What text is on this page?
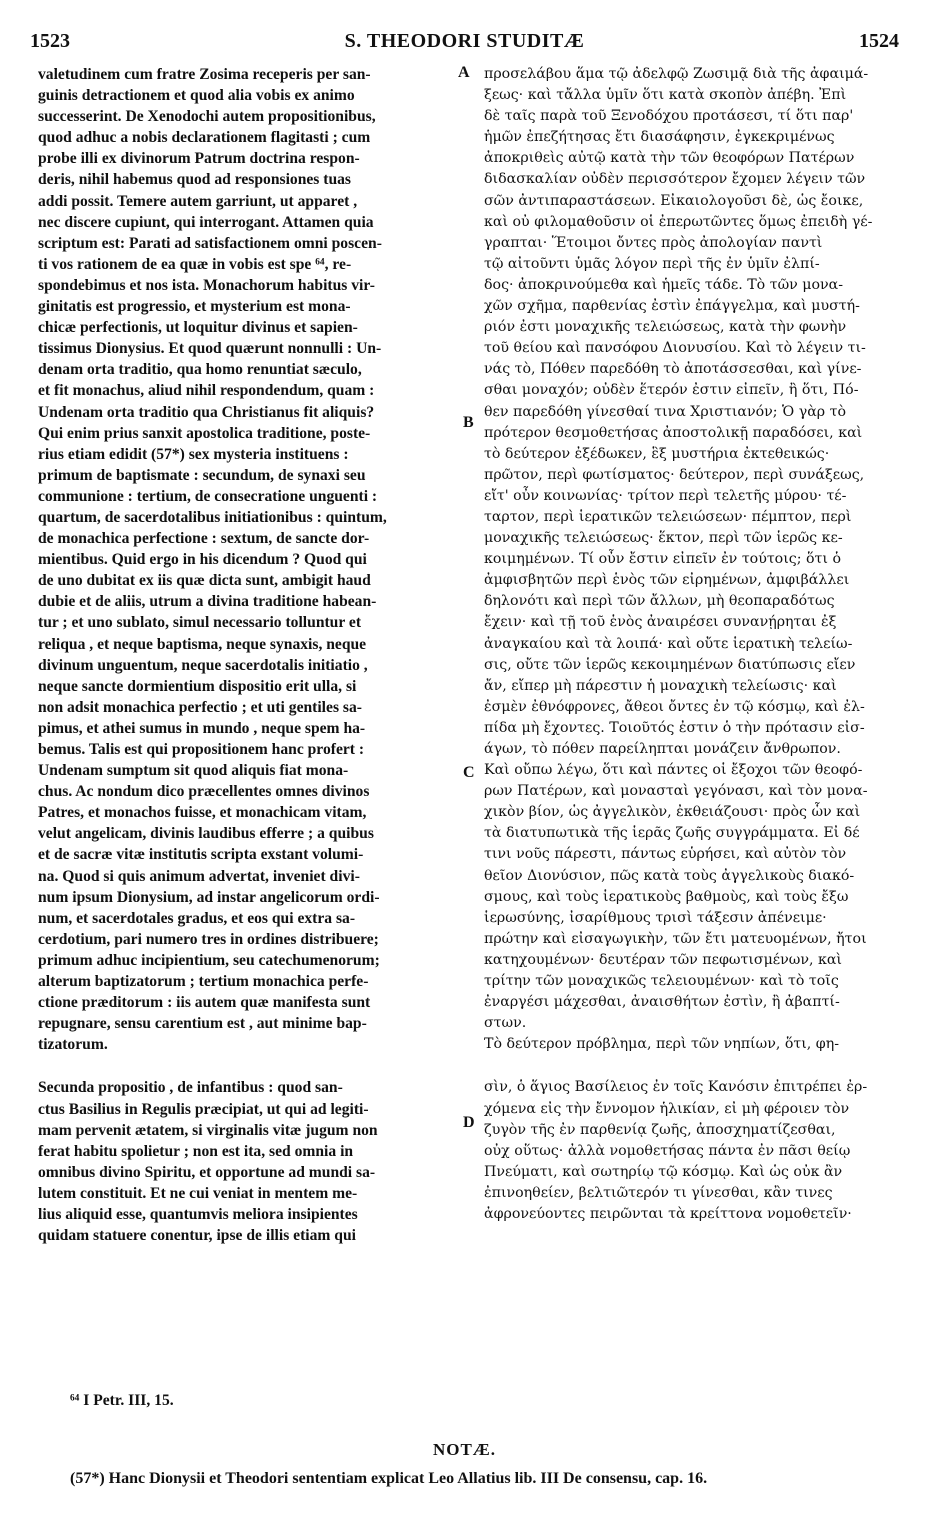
1523	S. THEODORI STUDITÆ	1524
valetudinem cum fratre Zosima receperis per san-
guinis detractionem et quod alia vobis ex animo
successerint. De Xenodochi autem propositionibus,
quod adhuc a nobis declarationem flagitasti ; cum
probe illi ex divinorum Patrum doctrina respon-
deris, nihil habemus quod ad responsiones tuas
addi possit. Temere autem garriunt, ut apparet ,
nec discere cupiunt, qui interrogant. Attamen quia
scriptum est: Parati ad satisfactionem omni poscen-
ti vos rationem de ea quæ in vobis est spe ⁶⁴, re-
spondebimus et nos ista. Monachorum habitus vir-
ginitatis est progressio, et mysterium est mona-
chicæ perfectionis, ut loquitur divinus et sapien-
tissimus Dionysius. Et quod quærunt nonnulli : Un-
denam orta traditio, qua homo renuntiat sæculo,
et fit monachus, aliud nihil respondendum, quam :
Undenam orta traditio qua Christianus fit aliquis?
Qui enim prius sanxit apostolica traditione, poste-
rius etiam edidit (57*) sex mysteria instituens :
primum de baptismate : secundum, de synaxi seu
communione : tertium, de consecratione unguenti :
quartum, de sacerdotalibus initiationibus : quintum,
de monachica perfectione : sextum, de sancte dor-
mientibus. Quid ergo in his dicendum ? Quod qui
de uno dubitat ex iis quæ dicta sunt, ambigit haud
dubie et de aliis, utrum a divina traditione habean-
tur ; et uno sublato, simul necessario tolluntur et
reliqua , et neque baptisma, neque synaxis, neque
divinum unguentum, neque sacerdotalis initiatio ,
neque sancte dormientium dispositio erit ulla, si
non adsit monachica perfectio ; et uti gentiles sa-
pimus, et athei sumus in mundo , neque spem ha-
bemus. Talis est qui propositionem hanc profert :
Undenam sumptum sit quod aliquis fiat mona-
chus. Ac nondum dico præcellentes omnes divinos
Patres, et monachos fuisse, et monachicam vitam,
velut angelicam, divinis laudibus efferre ; a quibus
et de sacræ vitæ institutis scripta exstant volumi-
na. Quod si quis animum advertat, inveniet divi-
num ipsum Dionysium, ad instar angelicorum ordi-
num, et sacerdotales gradus, et eos qui extra sa-
cerdotium, pari numero tres in ordines distribuere;
primum adhuc incipientium, seu catechumenorum;
alterum baptizatorum ; tertium monachica perfe-
ctione præditorum : iis autem quæ manifesta sunt
repugnare, sensu carentium est , aut minime bap-
tizatorum.
Secunda propositio , de infantibus : quod san-
ctus Basilius in Regulis præcipiat, ut qui ad legiti-
mam pervenit ætatem, si virginalis vitæ jugum non
ferat habitu spolietur ; non est ita, sed omnia in
omnibus divino Spiritu, et opportune ad mundi sa-
lutem constituit. Et ne cui veniat in mentem me-
lius aliquid esse, quantumvis meliora insipientes
quidam statuere conentur, ipse de illis etiam qui
προσελάβου ἅμα τῷ ἀδελφῷ Ζωσιμᾷ διὰ τῆς ἀφαιμά-
ξεως· καὶ τἄλλα ὑμῖν ὅτι κατὰ σκοπὸν ἀπέβη. Ἐπὶ
δὲ ταῖς παρὰ τοῦ Ξενοδόχου προτάσεσι, τί ὅτι παρ'
ἡμῶν ἐπεζήτησας ἔτι διασάφησιν, ἐγκεκριμένως
ἀποκριθεὶς αὐτῷ κατὰ τὴν τῶν θεοφόρων Πατέρων
διδασκαλίαν οὐδὲν περισσότερον ἔχομεν λέγειν τῶν
σῶν ἀντιπαραστάσεων. Εἰκαιολογοῦσι δὲ, ὡς ἔοικε,
καὶ οὐ φιλομαθοῦσιν οἱ ἐπερωτῶντες ὅμως ἐπειδὴ γέ-
γραπται· Ἕτοιμοι ὄντες πρὸς ἀπολογίαν παντὶ
τῷ αἰτοῦντι ὑμᾶς λόγον περὶ τῆς ἐν ὑμῖν ἐλπί-
δος· ἀποκρινούμεθα καὶ ἡμεῖς τάδε. Τὸ τῶν μονα-
χῶν σχῆμα, παρθενίας ἐστὶν ἐπάγγελμα, καὶ μυστή-
ριόν ἐστι μοναχικῆς τελειώσεως, κατὰ τὴν φωνὴν
τοῦ θείου καὶ πανσόφου Διονυσίου. Καὶ τὸ λέγειν τι-
νάς τὸ, Πόθεν παρεδόθη τὸ ἀποτάσσεσθαι, καὶ γίνε-
σθαι μοναχόν; οὐδὲν ἕτερόν ἐστιν εἰπεῖν, ἢ ὅτι, Πό-
θεν παρεδόθη γίνεσθαί τινα Χριστιανόν; Ὁ γὰρ τὸ
πρότερον θεσμοθετήσας ἀποστολικῇ παραδόσει, καὶ
τὸ δεύτερον ἐξέδωκεν, ἓξ μυστήρια ἐκτεθεικώς·
πρῶτον, περὶ φωτίσματος· δεύτερον, περὶ συνάξεως,
εἴτ' οὖν κοινωνίας· τρίτον περὶ τελετῆς μύρου· τέ-
ταρτον, περὶ ἱερατικῶν τελειώσεων· πέμπτον, περὶ
μοναχικῆς τελειώσεως· ἕκτον, περὶ τῶν ἱερῶς κε-
κοιμημένων. Τί οὖν ἔστιν εἰπεῖν ἐν τούτοις; ὅτι ὁ
ἀμφισβητῶν περὶ ἑνὸς τῶν εἰρημένων, ἀμφιβάλλει
δηλονότι καὶ περὶ τῶν ἄλλων, μὴ θεοπαραδότως
ἔχειν· καὶ τῇ τοῦ ἑνὸς ἀναιρέσει συνανῄρηται ἐξ
ἀναγκαίου καὶ τὰ λοιπά· καὶ οὔτε ἱερατικὴ τελείω-
σις, οὔτε τῶν ἱερῶς κεκοιμημένων διατύπωσις εἴεν
ἄν, εἴπερ μὴ πάρεστιν ἡ μοναχικὴ τελείωσις· καὶ
ἐσμὲν ἐθνόφρονες, ἄθεοι ὄντες ἐν τῷ κόσμῳ, καὶ ἐλ-
πίδα μὴ ἔχοντες. Τοιοῦτός ἐστιν ὁ τὴν πρότασιν εἰσ-
άγων, τὸ πόθεν παρείληπται μονάζειν ἄνθρωπον.
Καὶ οὔπω λέγω, ὅτι καὶ πάντες οἱ ἔξοχοι τῶν θεοφό-
ρων Πατέρων, καὶ μονασταὶ γεγόνασι, καὶ τὸν μονα-
χικὸν βίον, ὡς ἀγγελικὸν, ἐκθειάζουσι· πρὸς ὧν καὶ
τὰ διατυπωτικὰ τῆς ἱερᾶς ζωῆς συγγράμματα. Εἰ δέ
τινι νοῦς πάρεστι, πάντως εὑρήσει, καὶ αὐτὸν τὸν
θεῖον Διονύσιον, πῶς κατὰ τοὺς ἀγγελικοὺς διακό-
σμους, καὶ τοὺς ἱερατικοὺς βαθμοὺς, καὶ τοὺς ἔξω
ἱερωσύνης, ἰσαρίθμους τρισὶ τάξεσιν ἀπένειμε·
πρώτην καὶ εἰσαγωγικὴν, τῶν ἔτι ματευομένων, ἤτοι
κατηχουμένων· δευτέραν τῶν πεφωτισμένων, καὶ
τρίτην τῶν μοναχικῶς τελειουμένων· καὶ τὸ τοῖς
ἐναργέσι μάχεσθαι, ἀναισθήτων ἐστὶν, ἢ ἀβαπτί-
στων.
Τὸ δεύτερον πρόβλημα, περὶ τῶν νηπίων, ὅτι, φη-
σὶν, ὁ ἅγιος Βασίλειος ἐν τοῖς Κανόσιν ἐπιτρέπει ἐρ-
χόμενα εἰς τὴν ἔννομον ἡλικίαν, εἰ μὴ φέροιεν τὸν
ζυγὸν τῆς ἐν παρθενίᾳ ζωῆς, ἀποσχηματίζεσθαι,
οὐχ οὕτως· ἀλλὰ νομοθετήσας πάντα ἐν πᾶσι θείῳ
Πνεύματι, καὶ σωτηρίῳ τῷ κόσμῳ. Καὶ ὡς οὐκ ἂν
ἐπινοηθείεν, βελτιῶτερόν τι γίνεσθαι, κἂν τινες
ἀφρονεύοντες πειρῶνται τὰ κρείττονα νομοθετεῖν·
A
B
C
D
⁶⁴ I Petr. III, 15.
NOTÆ.
(57*) Hanc Dionysii et Theodori sententiam explicat Leo Allatius lib. III De consensu, cap. 16.
